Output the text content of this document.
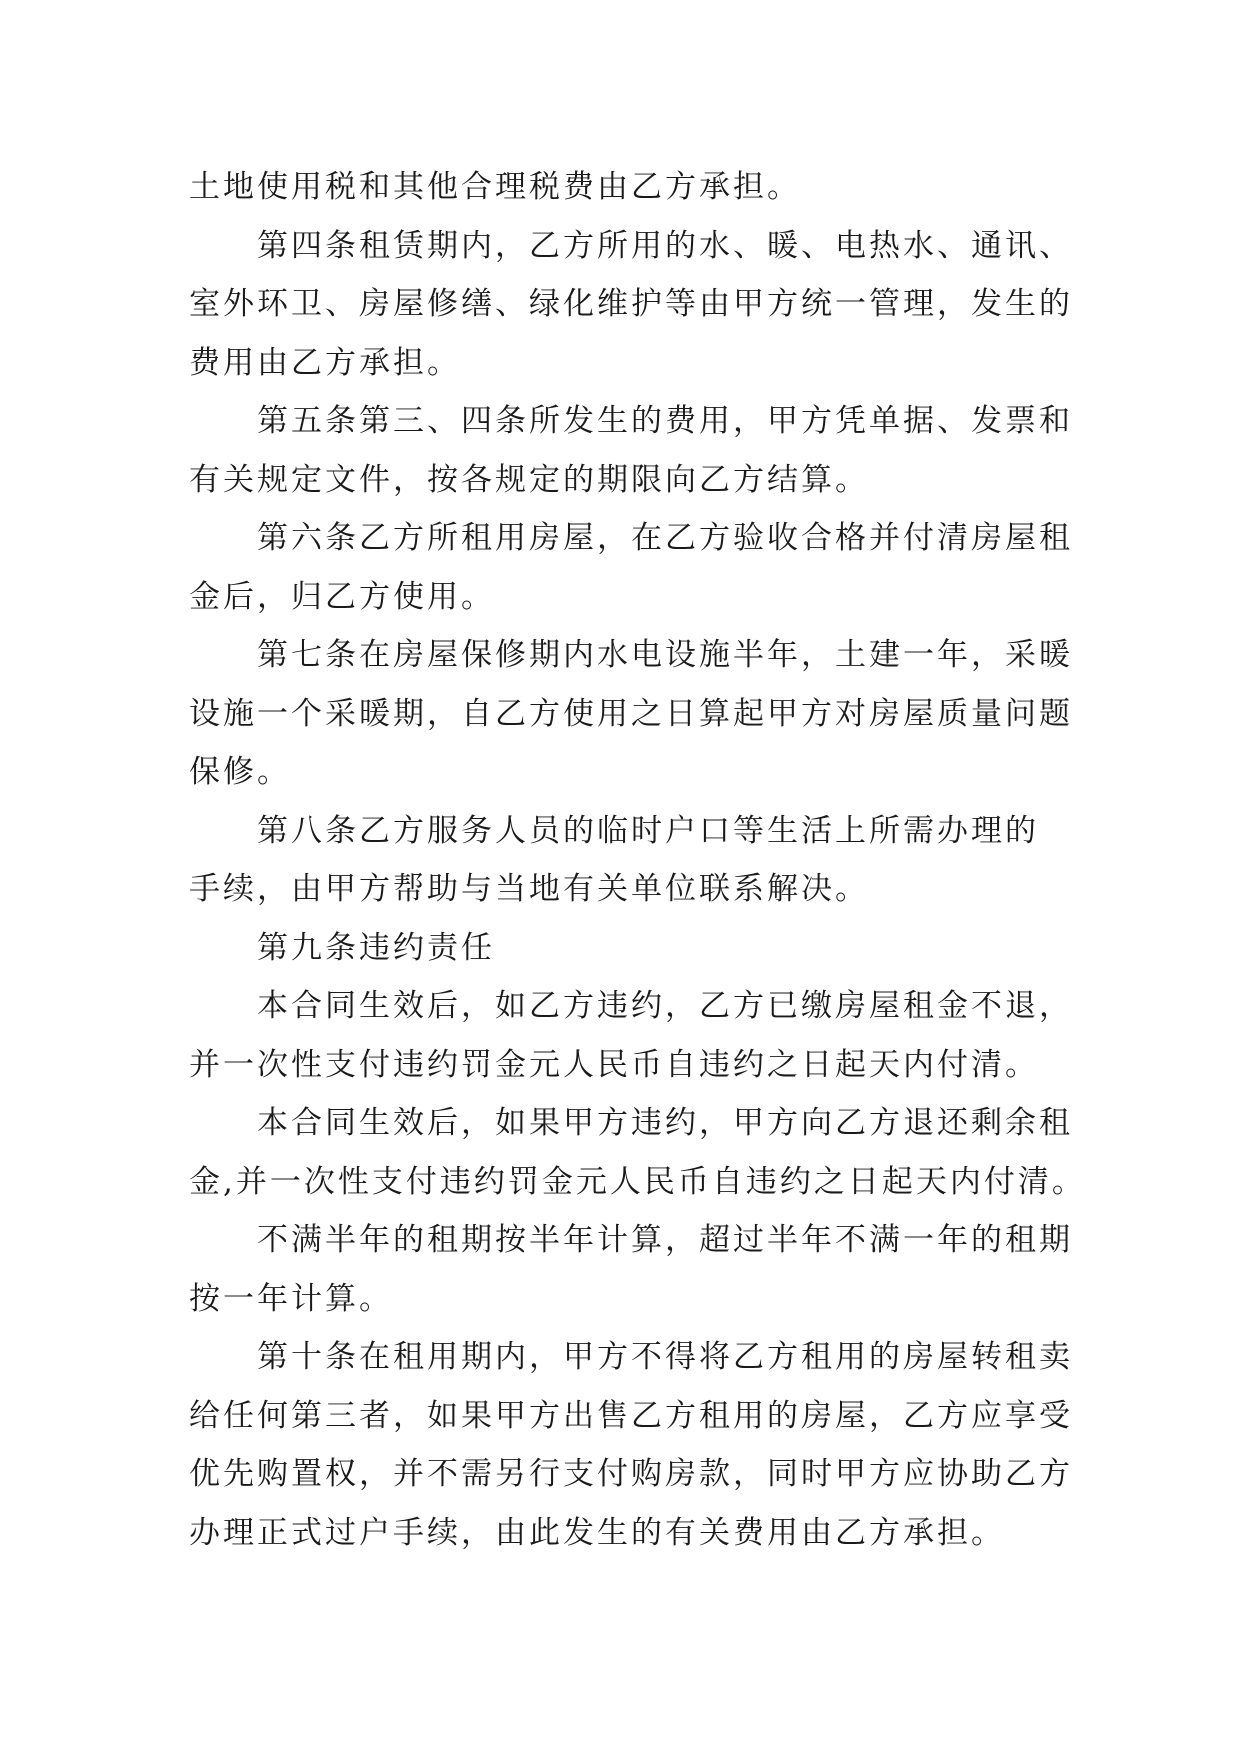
土地使用税和其他合理税费由乙方承担。
第四条租赁期内，乙方所用的水、暖、电热水、通讯、
室外环卫、房屋修缮、绿化维护等由甲方统一管理，发生的
费用由乙方承担。
第五条第三、四条所发生的费用，甲方凭单据、发票和
有关规定文件，按各规定的期限向乙方结算。
第六条乙方所租用房屋，在乙方验收合格并付清房屋租
金后，归乙方使用。
第七条在房屋保修期内水电设施半年，土建一年，采暖
设施一个采暖期，自乙方使用之日算起甲方对房屋质量问题
保修。
第八条乙方服务人员的临时户口等生活上所需办理的
手续，由甲方帮助与当地有关单位联系解决。
第九条违约责任
本合同生效后，如乙方违约，乙方已缴房屋租金不退，
并一次性支付违约罚金元人民币自违约之日起天内付清。
本合同生效后，如果甲方违约，甲方向乙方退还剩余租
金,并一次性支付违约罚金元人民币自违约之日起天内付清。
不满半年的租期按半年计算，超过半年不满一年的租期
按一年计算。
第十条在租用期内，甲方不得将乙方租用的房屋转租卖
给任何第三者，如果甲方出售乙方租用的房屋，乙方应享受
优先购置权，并不需另行支付购房款，同时甲方应协助乙方
办理正式过户手续，由此发生的有关费用由乙方承担。
